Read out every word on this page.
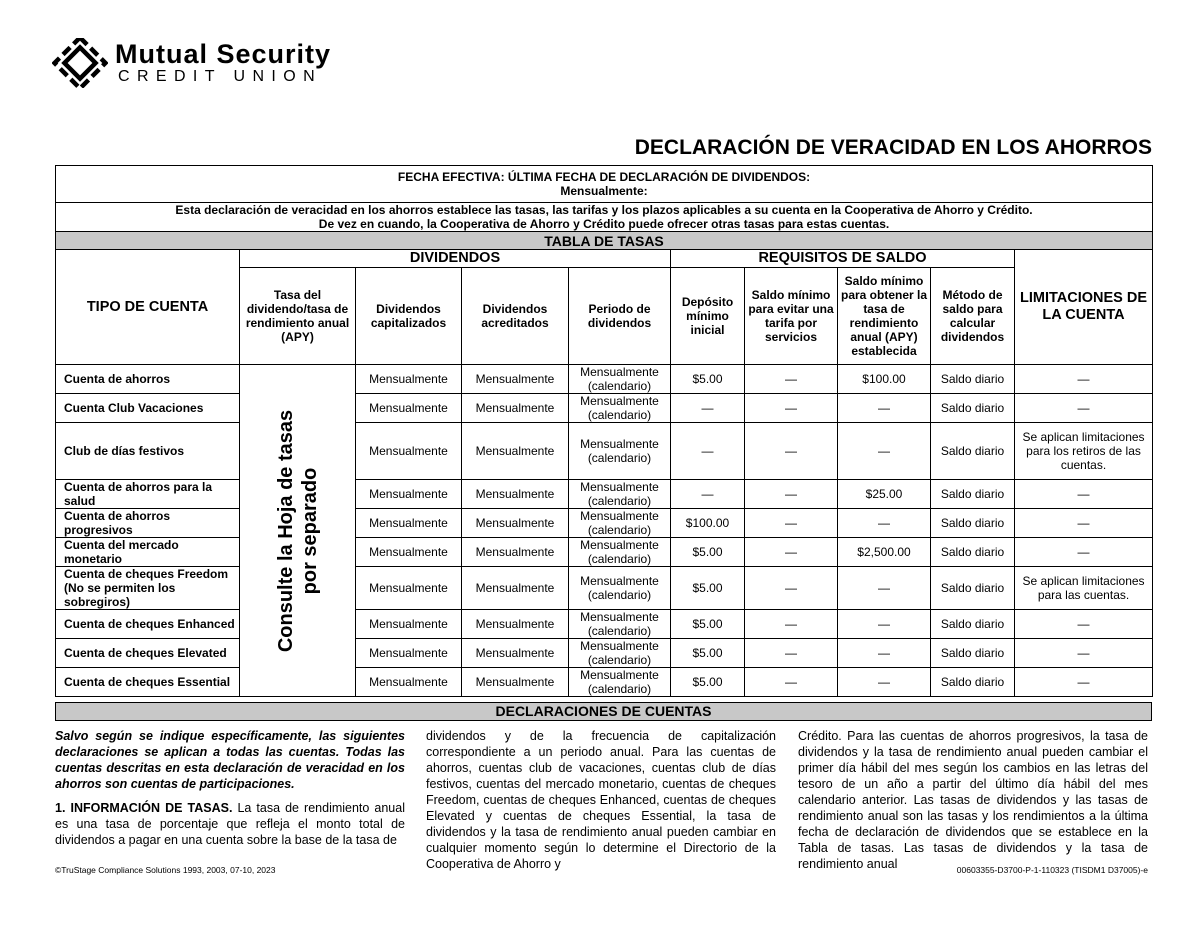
Mutual Security
CREDIT UNION
DECLARACIÓN DE VERACIDAD EN LOS AHORROS
FECHA EFECTIVA: ÚLTIMA FECHA DE DECLARACIÓN DE DIVIDENDOS:
Mensualmente:									

Esta declaración de veracidad en los ahorros establece las tasas, las tarifas y los plazos aplicables a su cuenta en la Cooperativa de Ahorro y Crédito.
De vez en cuando, la Cooperativa de Ahorro y Crédito puede ofrecer otras tasas para estas cuentas.									

TABLA DE TASAS									
TIPO DE CUENTA	DIVIDENDOS				REQUISITOS DE SALDO				LIMITACIONES DE LA CUENTA
	Tasa del dividendo/tasa de rendimiento anual (APY)	Dividendos capitalizados	Dividendos acreditados	Periodo de dividendos	Depósito mínimo inicial	Saldo mínimo para evitar una tarifa por servicios	Saldo mínimo para obtener la tasa de rendimiento anual (APY) establecida	Método de saldo para calcular dividendos	
Cuenta de ahorros	Consulte la Hoja de tasas por separado	Mensualmente	Mensualmente	Mensualmente (calendario)	$5.00	—	$100.00	Saldo diario	—
Cuenta Club Vacaciones		Mensualmente	Mensualmente	Mensualmente (calendario)	—	—	—	Saldo diario	—
Club de días festivos		Mensualmente	Mensualmente	Mensualmente (calendario)	—	—	—	Saldo diario	Se aplican limitaciones para los retiros de las cuentas.
Cuenta de ahorros para la salud		Mensualmente	Mensualmente	Mensualmente (calendario)	—	—	$25.00	Saldo diario	—
Cuenta de ahorros progresivos		Mensualmente	Mensualmente	Mensualmente (calendario)	$100.00	—	—	Saldo diario	—
Cuenta del mercado monetario		Mensualmente	Mensualmente	Mensualmente (calendario)	$5.00	—	$2,500.00	Saldo diario	—
Cuenta de cheques Freedom (No se permiten los sobregiros)		Mensualmente	Mensualmente	Mensualmente (calendario)	$5.00	—	—	Saldo diario	Se aplican limitaciones para las cuentas.
Cuenta de cheques Enhanced		Mensualmente	Mensualmente	Mensualmente (calendario)	$5.00	—	—	Saldo diario	—
Cuenta de cheques Elevated		Mensualmente	Mensualmente	Mensualmente (calendario)	$5.00	—	—	Saldo diario	—
Cuenta de cheques Essential		Mensualmente	Mensualmente	Mensualmente (calendario)	$5.00	—	—	Saldo diario	—
DECLARACIONES DE CUENTAS

Salvo según se indique específicamente, las siguientes declaraciones se aplican a todas las cuentas. Todas las cuentas descritas en esta declaración de veracidad en los ahorros son cuentas de participaciones.

1. INFORMACIÓN DE TASAS. La tasa de rendimiento anual es una tasa de porcentaje que refleja el monto total de dividendos a pagar en una cuenta sobre la base de la tasa de

dividendos y de la frecuencia de capitalización correspondiente a un periodo anual. Para las cuentas de ahorros, cuentas club de vacaciones, cuentas club de días festivos, cuentas del mercado monetario, cuentas de cheques Freedom, cuentas de cheques Enhanced, cuentas de cheques Elevated y cuentas de cheques Essential, la tasa de dividendos y la tasa de rendimiento anual pueden cambiar en cualquier momento según lo determine el Directorio de la Cooperativa de Ahorro y

Crédito. Para las cuentas de ahorros progresivos, la tasa de dividendos y la tasa de rendimiento anual pueden cambiar el primer día hábil del mes según los cambios en las letras del tesoro de un año a partir del último día hábil del mes calendario anterior. Las tasas de dividendos y las tasas de rendimiento anual son las tasas y los rendimientos a la última fecha de declaración de dividendos que se establece en la Tabla de tasas. Las tasas de dividendos y la tasa de rendimiento anual

©TruStage Compliance Solutions 1993, 2003, 07-10, 2023	00603355-D3700-P-1-110323 (TISDM1 D37005)-e
